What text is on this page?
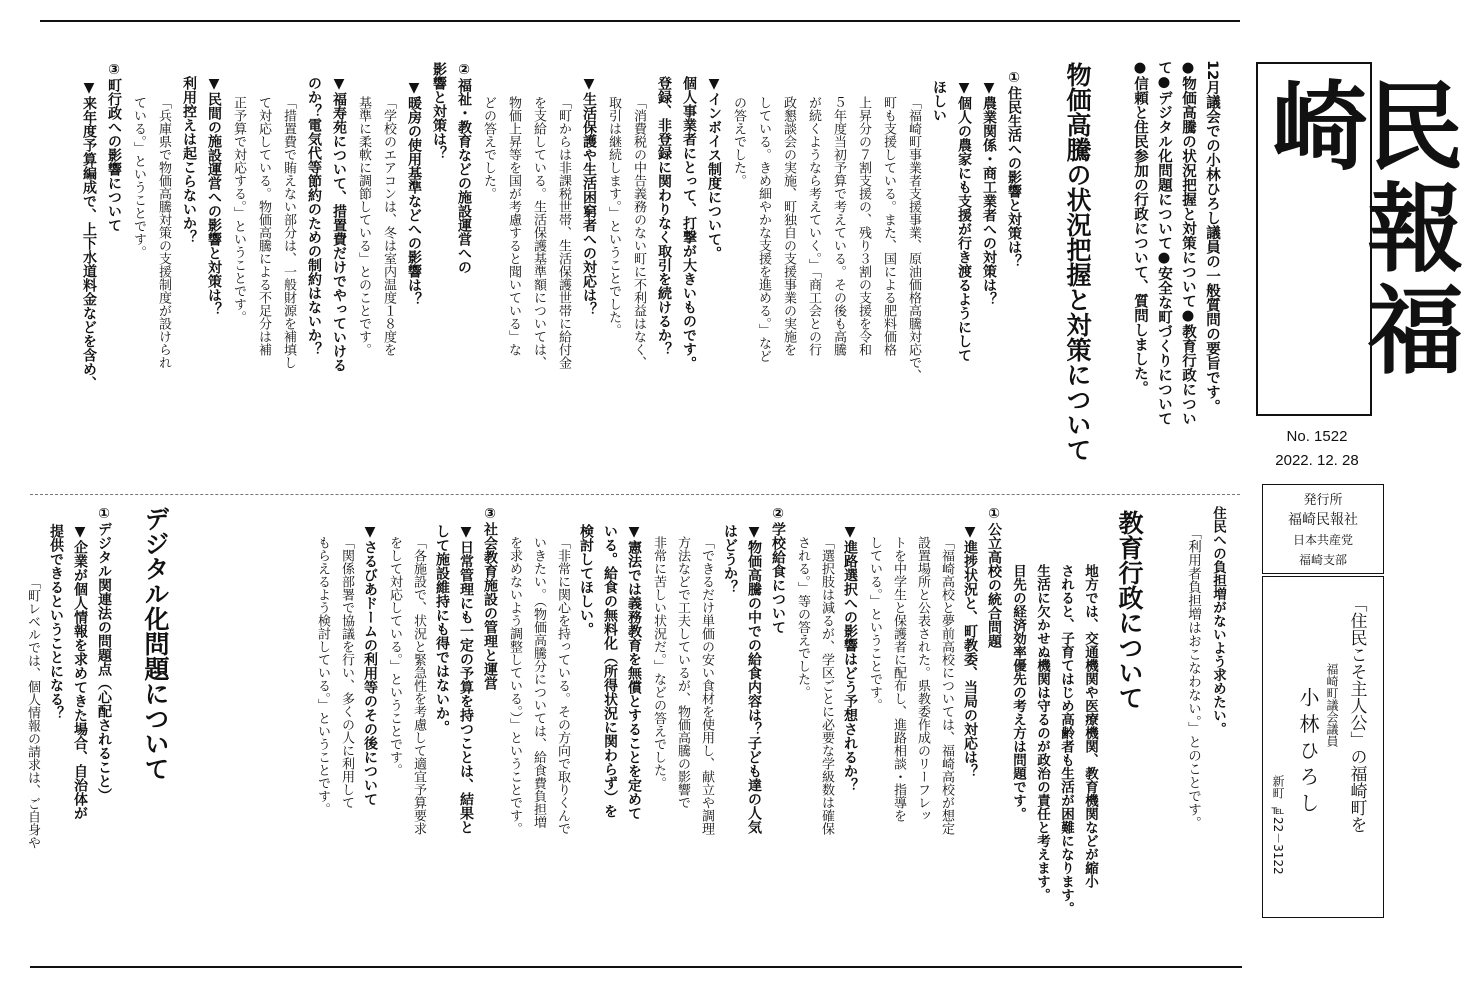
民報福崎
No. 1522
2022. 12. 28
発行所
福崎民報社
日本共産党
福崎支部
「住民こそ主人公」の福崎町を
福崎町議会議員
小 林 ひ ろ し
新町 ℡22－3122
12月議会での小林ひろし議員の一般質問の要旨です。
●物価高騰の状況把握と対策について●教育行政につい
て●デジタル化問題について●安全な町づくりについて
●信頼と住民参加の行政について、質問しました。
物価高騰の状況把握と対策について
①住民生活への影響と対策は？
▼農業関係・商工業者への対策は？
▼個人の農家にも支援が行き渡るようにして
ほしい
「福崎町事業者支援事業、原油価格高騰対応で、
町も支援している。また、国による肥料価格
上昇分の７割支援の、残り３割の支援を令和
５年度当初予算で考えている。その後も高騰
が続くようなら考えていく。」「商工会との行
政懇談会の実施、町独自の支援事業の実施を
している。きめ細やかな支援を進める。」など
の答えでした。
▼インボイス制度について。
個人事業者にとって、打撃が大きいものです。
登録、非登録に関わりなく取引を続けるか？
「消費税の中告義務のない町に不利益はなく、
取引は継続します。」ということでした。
▼生活保護や生活困窮者への対応は？
「町からは非課税世帯、生活保護世帯に給付金
を支給している。生活保護基準額については、
物価上昇等を国が考慮すると聞いている」な
どの答えでした。
②福祉・教育などの施設運営への
影響と対策は？
▼暖房の使用基準などへの影響は？
「学校のエアコンは、冬は室内温度１８度を
基準に柔軟に調節している」とのことです。
▼福寿苑について、措置費だけでやっていける
のか？電気代等節約のための制約はないか？
「措置費で賄えない部分は、一般財源を補填し
て対応している。物価高騰による不足分は補
正予算で対応する。」ということです。
▼民間の施設運営への影響と対策は？
利用控えは起こらないか？
「兵庫県で物価高騰対策の支援制度が設けられ
ている。」ということです。
③町行政への影響について
▼来年度予算編成で、上下水道料金などを含め、
住民への負担増がないよう求めたい。
「利用者負担増はおこなわない。」とのことです。
教育行政について
地方では、交通機関や医療機関、教育機関などが縮小
されると、子育てはじめ高齢者も生活が困難になります。
生活に欠かせぬ機関は守るのが政治の責任と考えます。
目先の経済効率優先の考え方は問題です。
①公立高校の統合問題
▼進捗状況と、町教委、当局の対応は？
「福崎高校と夢前高校については、福崎高校が想定
設置場所と公表された。県教委作成のリーフレッ
トを中学生と保護者に配布し、進路相談・指導を
している。」ということです。
▼進路選択への影響はどう予想されるか？
「選択肢は減るが、学区ごとに必要な学級数は確保
される。」等の答えでした。
②学校給食について
▼物価高騰の中での給食内容は？子ども達の人気
はどうか？
「できるだけ単価の安い食材を使用し、献立や調理
方法などで工夫しているが、物価高騰の影響で
非常に苦しい状況だ。」などの答えでした。
▼憲法では義務教育を無償とすることを定めて
いる。給食の無料化（所得状況に関わらず）を
検討してほしい。
「非常に関心を持っている。その方向で取りくんで
いきたい。（物価高騰分については、給食費負担増
を求めないよう調整している。）」ということです。
③社会教育施設の管理と運営
▼日常管理にも一定の予算を持つことは、結果と
して施設維持にも得ではないか。
「各施設で、状況と緊急性を考慮して適宜予算要求
をして対応している。」ということです。
▼さるびあドームの利用等のその後について
「関係部署で協議を行い、多くの人に利用して
もらえるよう検討している。」ということです。
デジタル化問題について
①デジタル関連法の問題点（心配されること）
▼企業が個人情報を求めてきた場合、自治体が
提供できるということになる？
「町レベルでは、個人情報の請求は、ご自身や
